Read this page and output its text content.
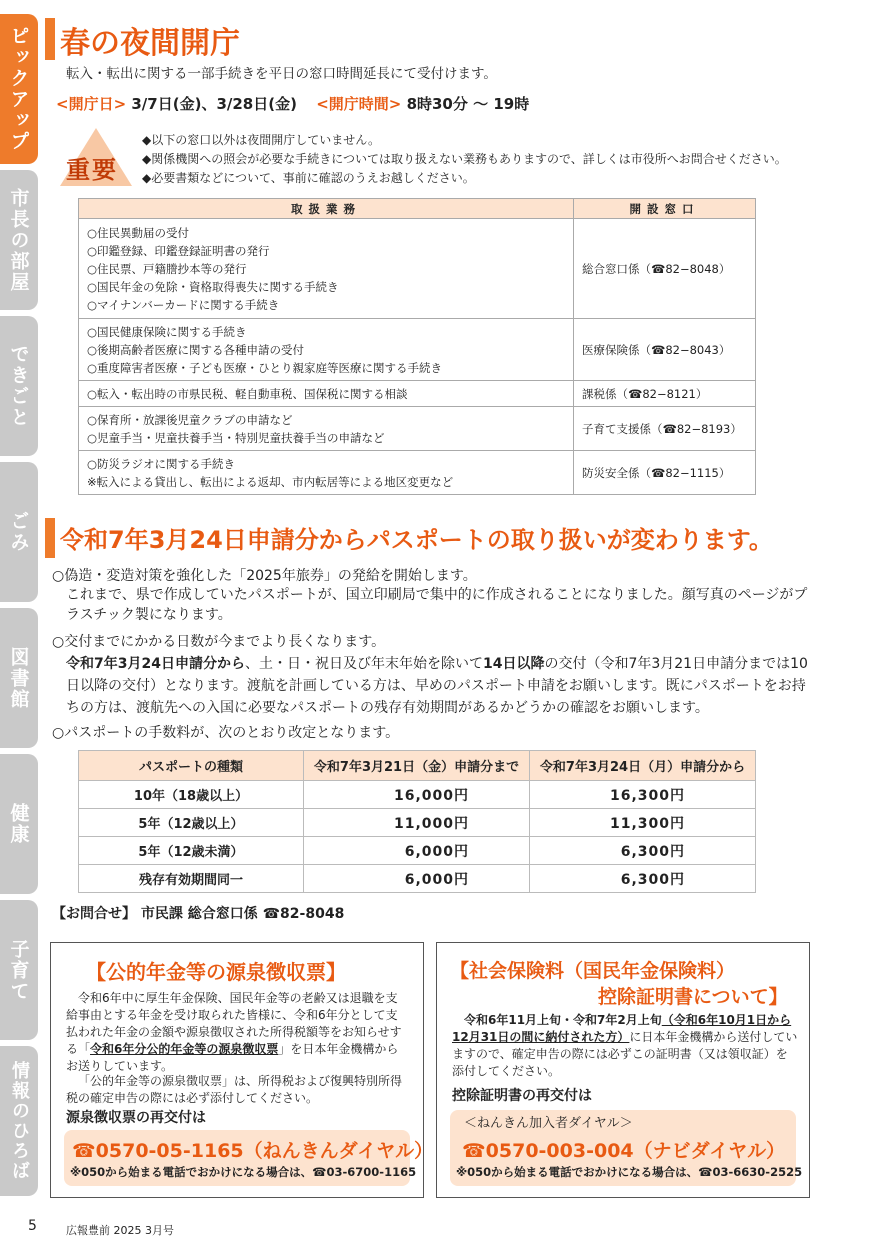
ピックアップ
市長の部屋
できごと
ごみ
図書館
健康
子育て
情報のひろば
春の夜間開庁
転入・転出に関する一部手続きを平日の窓口時間延長にて受付けます。
<開庁日> 3/7日(金)、3/28日(金) <開庁時間> 8時30分 〜 19時
重要
◆以下の窓口以外は夜間開庁していません。
◆関係機関への照会が必要な手続きについては取り扱えない業務もありますので、詳しくは市役所へお問合せください。
◆必要書類などについて、事前に確認のうえお越しください。
取扱業務	開設窓口

○住民異動届の受付
○印鑑登録、印鑑登録証明書の発行
○住民票、戸籍謄抄本等の発行
○国民年金の免除・資格取得喪失に関する手続き
○マイナンバーカードに関する手続き	総合窓口係（☎82−8048）

○国民健康保険に関する手続き
○後期高齢者医療に関する各種申請の受付
○重度障害者医療・子ども医療・ひとり親家庭等医療に関する手続き	医療保険係（☎82−8043）
○転入・転出時の市県民税、軽自動車税、国保税に関する相談	課税係（☎82−8121）

○保育所・放課後児童クラブの申請など
○児童手当・児童扶養手当・特別児童扶養手当の申請など	子育て支援係（☎82−8193）

○防災ラジオに関する手続き
※転入による貸出し、転出による返却、市内転居等による地区変更など	防災安全係（☎82−1115）
令和7年3月24日申請分からパスポートの取り扱いが変わります。
○偽造・変造対策を強化した「2025年旅券」の発給を開始します。
これまで、県で作成していたパスポートが、国立印刷局で集中的に作成されることになりました。顔写真のページがプラスチック製になります。
○交付までにかかる日数が今までより長くなります。
令和7年3月24日申請分から、土・日・祝日及び年末年始を除いて14日以降の交付（令和7年3月21日申請分までは10日以降の交付）となります。渡航を計画している方は、早めのパスポート申請をお願いします。既にパスポートをお持ちの方は、渡航先への入国に必要なパスポートの残存有効期間があるかどうかの確認をお願いします。
○パスポートの手数料が、次のとおり改定となります。
パスポートの種類	令和7年3月21日（金）申請分まで	令和7年3月24日（月）申請分から
10年（18歳以上）	16,000円	16,300円
5年（12歳以上）	11,000円	11,300円
5年（12歳未満）	6,000円	6,300円
残存有効期間同一	6,000円	6,300円
【お問合せ】 市民課 総合窓口係 ☎82-8048
【公的年金等の源泉徴収票】
令和6年中に厚生年金保険、国民年金等の老齢又は退職を支給事由とする年金を受け取られた皆様に、令和6年分として支払われた年金の金額や源泉徴収された所得税額等をお知らせする「令和6年分公的年金等の源泉徴収票」を日本年金機構からお送りしています。
「公的年金等の源泉徴収票」は、所得税および復興特別所得税の確定申告の際には必ず添付してください。
源泉徴収票の再交付は
☎0570-05-1165（ねんきんダイヤル）
※050から始まる電話でおかけになる場合は、☎03-6700-1165
【社会保険料（国民年金保険料）
控除証明書について】
令和6年11月上旬・令和7年2月上旬（令和6年10月1日から12月31日の間に納付された方）に日本年金機構から送付していますので、確定申告の際には必ずこの証明書（又は領収証）を添付してください。
控除証明書の再交付は
＜ねんきん加入者ダイヤル＞
☎0570-003-004（ナビダイヤル）
※050から始まる電話でおかけになる場合は、☎03-6630-2525
5	広報豊前 2025 3月号
